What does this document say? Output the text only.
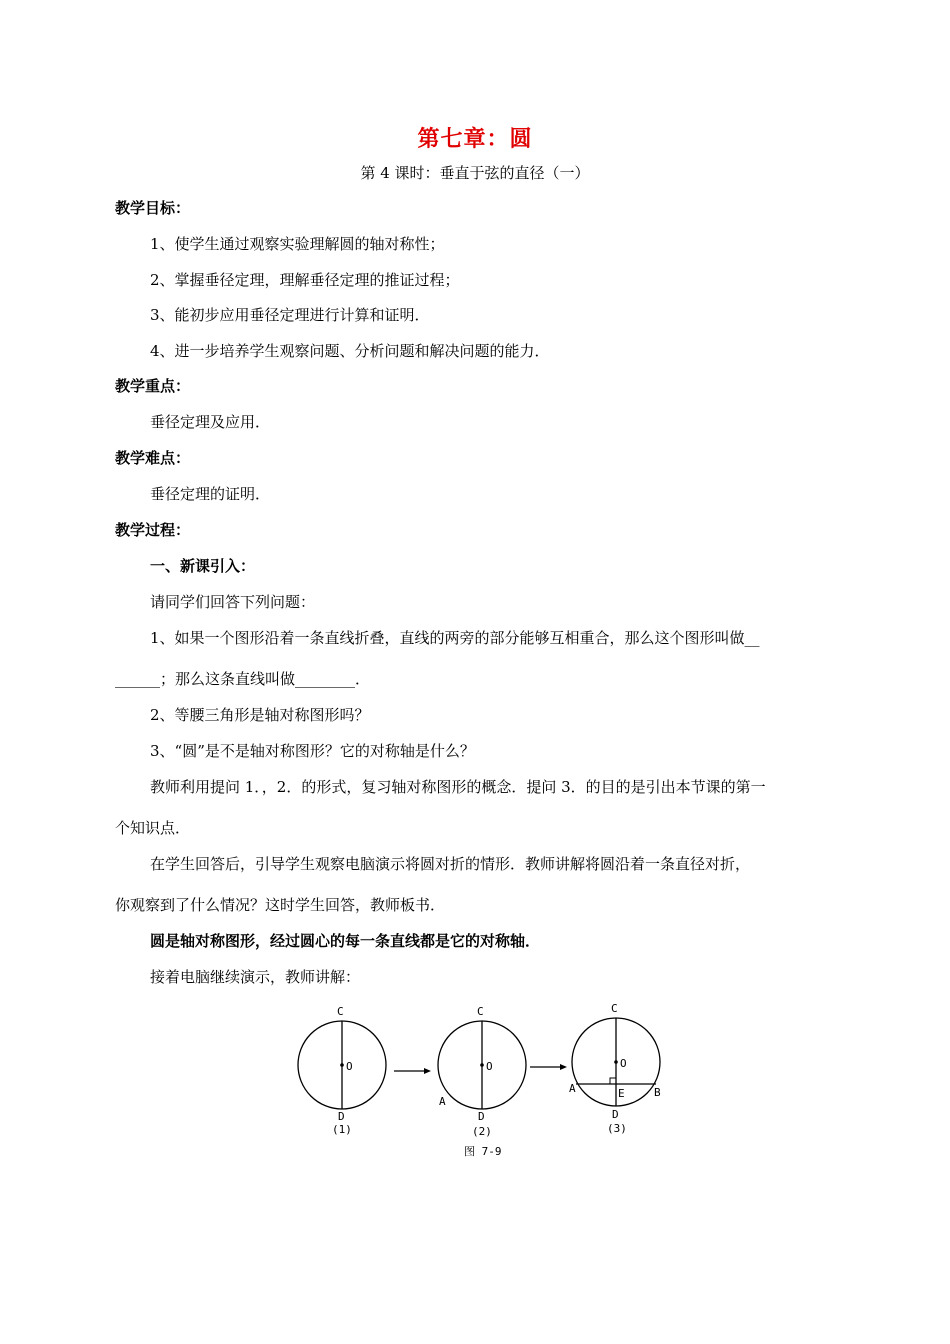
第七章：圆
第 4 课时：垂直于弦的直径（一）
教学目标：
1、使学生通过观察实验理解圆的轴对称性；
2、掌握垂径定理，理解垂径定理的推证过程；
3、能初步应用垂径定理进行计算和证明．
4、进一步培养学生观察问题、分析问题和解决问题的能力．
教学重点：
垂径定理及应用．
教学难点：
垂径定理的证明．
教学过程：
一、新课引入：
请同学们回答下列问题：
1、如果一个图形沿着一条直线折叠，直线的两旁的部分能够互相重合，那么这个图形叫做__
______；那么这条直线叫做________．
2、等腰三角形是轴对称图形吗？
3、“圆”是不是轴对称图形？它的对称轴是什么？
教师利用提问 1．，2．的形式，复习轴对称图形的概念．提问 3．的目的是引出本节课的第一
个知识点．
在学生回答后，引导学生观察电脑演示将圆对折的情形．教师讲解将圆沿着一条直径对折，
你观察到了什么情况？这时学生回答，教师板书．
圆是轴对称图形，经过圆心的每一条直线都是它的对称轴．
接着电脑继续演示，教师讲解：
C
O
D
(1)
C
O
A
D
(2)
C
O
A	B
E
D
(3)
图 7-9
